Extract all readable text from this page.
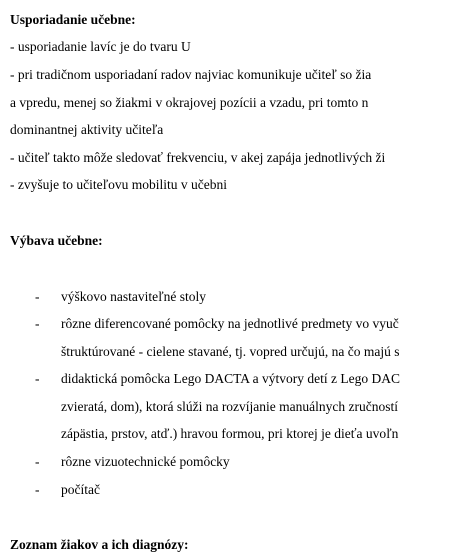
Usporiadanie učebne:
- usporiadanie lavíc je do tvaru U
- pri tradičnom usporiadaní radov najviac komunikuje učiteľ so žia
a vpredu, menej so žiakmi v okrajovej pozícii a vzadu, pri tomto n
dominantnej aktivity učiteľa
- učiteľ takto môže sledovať frekvenciu, v akej zapája jednotlivých ži
- zvyšuje to učiteľovu mobilitu v učebni
Výbava učebne:
- výškovo nastaviteľné stoly
- rôzne diferencované pomôcky na jednotlivé predmety vo vyuč
štruktúrované - cielene stavané, tj. vopred určujú, na čo majú s
- didaktická pomôcka Lego DACTA a výtvory detí z Lego DAC
zvieratá, dom), ktorá slúži na rozvíjanie manuálnych zručností
zápästia, prstov, atď.) hravou formou, pri ktorej je dieťa uvoľn
- rôzne vizuotechnické pomôcky
- počítač
Zoznam žiakov a ich diagnózy:
